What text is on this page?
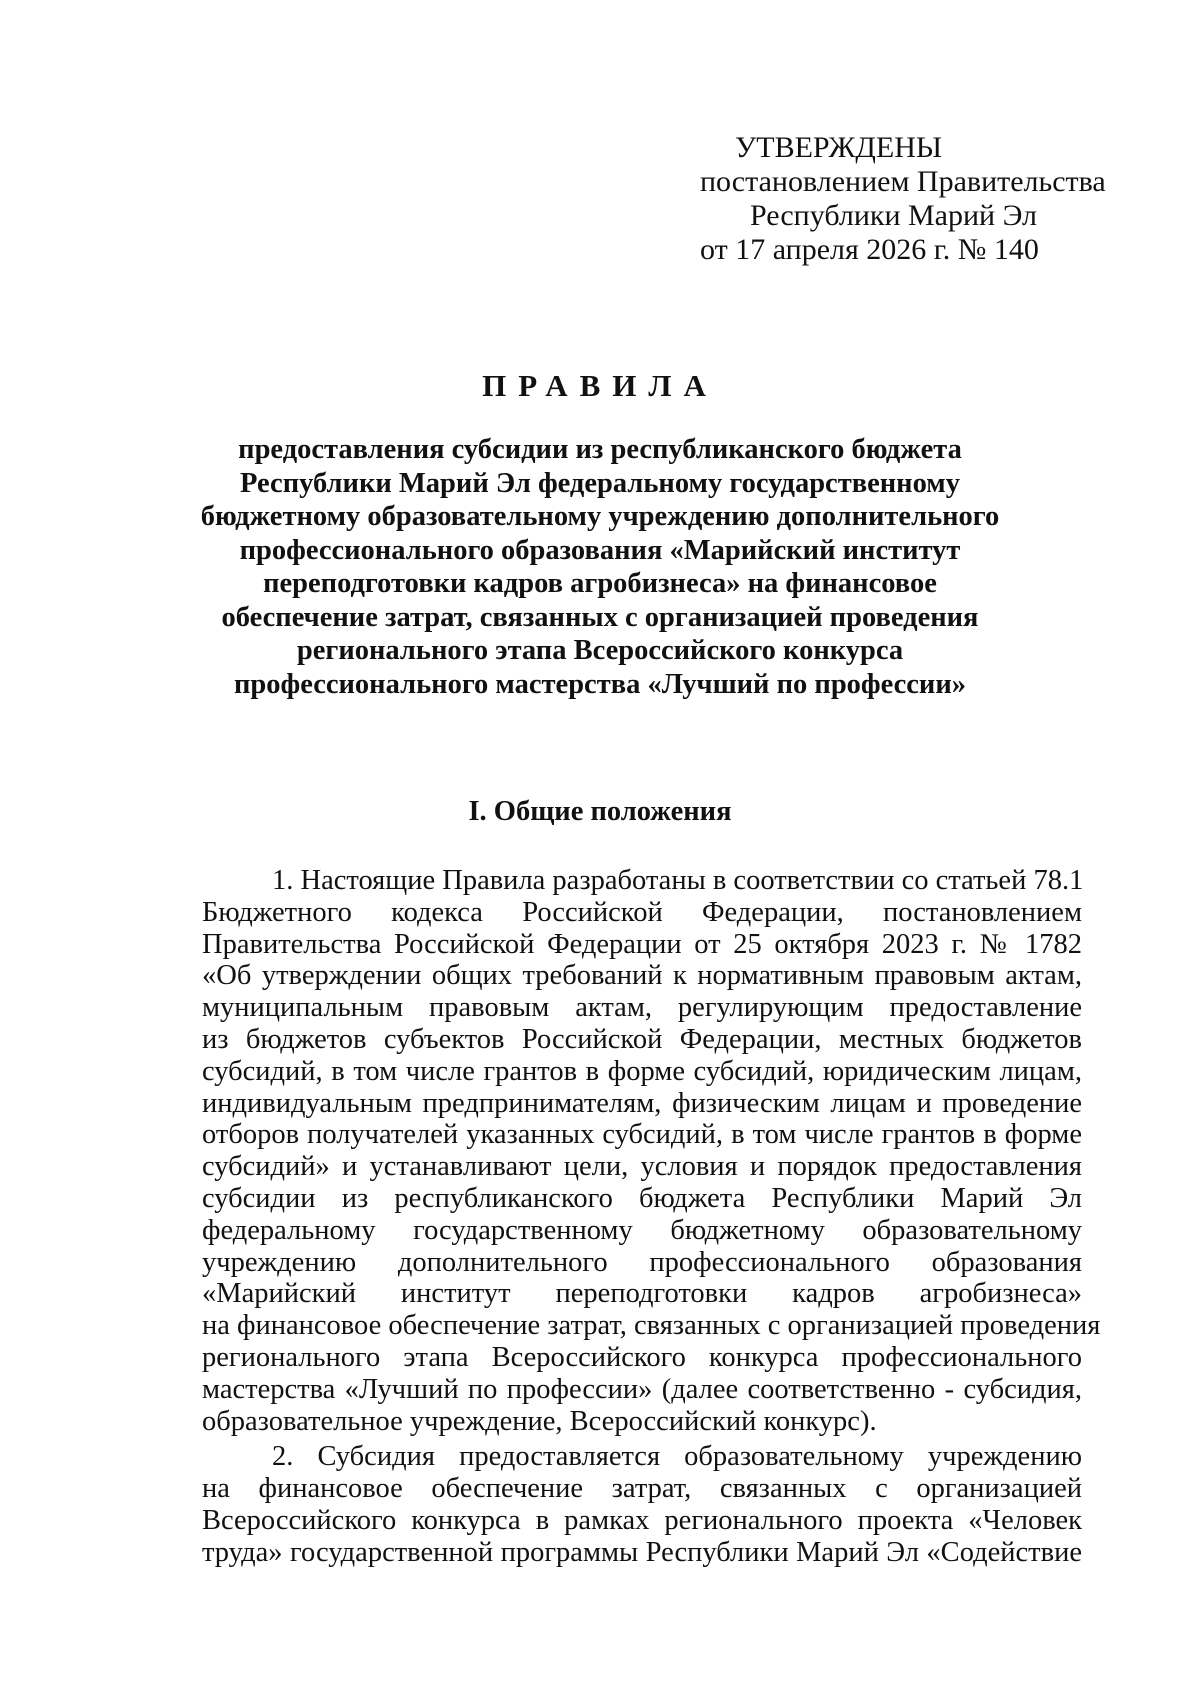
УТВЕРЖДЕНЫ
постановлением Правительства
Республики Марий Эл
от 17 апреля 2026 г. № 140
ПРАВИЛА
предоставления субсидии из республиканского бюджета
Республики Марий Эл федеральному государственному
бюджетному образовательному учреждению дополнительного
профессионального образования «Марийский институт
переподготовки кадров агробизнеса» на финансовое
обеспечение затрат, связанных с организацией проведения
регионального этапа Всероссийского конкурса
профессионального мастерства «Лучший по профессии»
I. Общие положения
1. Настоящие Правила разработаны в соответствии со статьей 78.1
Бюджетного кодекса Российской Федерации, постановлением
Правительства Российской Федерации от 25 октября 2023 г. № 1782
«Об утверждении общих требований к нормативным правовым актам,
муниципальным правовым актам, регулирующим предоставление
из бюджетов субъектов Российской Федерации, местных бюджетов
субсидий, в том числе грантов в форме субсидий, юридическим лицам,
индивидуальным предпринимателям, физическим лицам и проведение
отборов получателей указанных субсидий, в том числе грантов в форме
субсидий» и устанавливают цели, условия и порядок предоставления
субсидии из республиканского бюджета Республики Марий Эл
федеральному государственному бюджетному образовательному
учреждению дополнительного профессионального образования
«Марийский институт переподготовки кадров агробизнеса»
на финансовое обеспечение затрат, связанных с организацией проведения
регионального этапа Всероссийского конкурса профессионального
мастерства «Лучший по профессии» (далее соответственно - субсидия,
образовательное учреждение, Всероссийский конкурс).
2. Субсидия предоставляется образовательному учреждению
на финансовое обеспечение затрат, связанных с организацией
Всероссийского конкурса в рамках регионального проекта «Человек
труда» государственной программы Республики Марий Эл «Содействие
